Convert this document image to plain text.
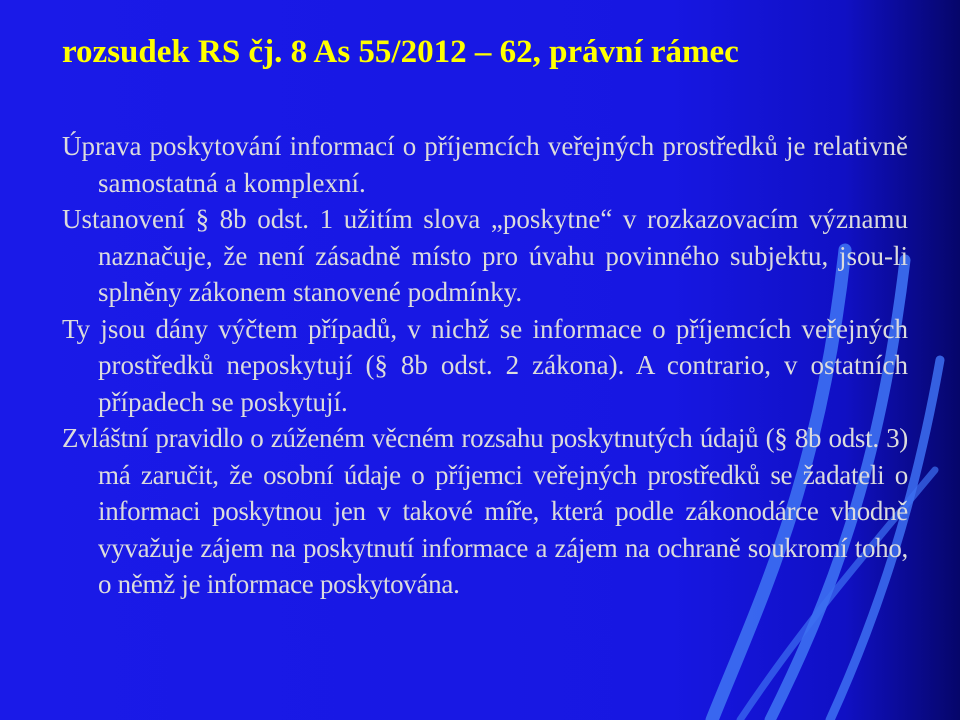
rozsudek RS čj. 8 As 55/2012 – 62, právní rámec

Úprava poskytování informací o příjemcích veřejných prostředků je relativně samostatná a komplexní.

Ustanovení § 8b odst. 1 užitím slova „poskytne“ v rozkazovacím významu naznačuje, že není zásadně místo pro úvahu povinného subjektu, jsou-li splněny zákonem stanovené podmínky.

Ty jsou dány výčtem případů, v nichž se informace o příjemcích veřejných prostředků neposkytují (§ 8b odst. 2 zákona). A contrario, v ostatních případech se poskytují.

Zvláštní pravidlo o zúženém věcném rozsahu poskytnutých údajů (§ 8b odst. 3) má zaručit, že osobní údaje o příjemci veřejných prostředků se žadateli o informaci poskytnou jen v takové míře, která podle zákonodárce vhodně vyvažuje zájem na poskytnutí informace a zájem na ochraně soukromí toho, o němž je informace poskytována.
